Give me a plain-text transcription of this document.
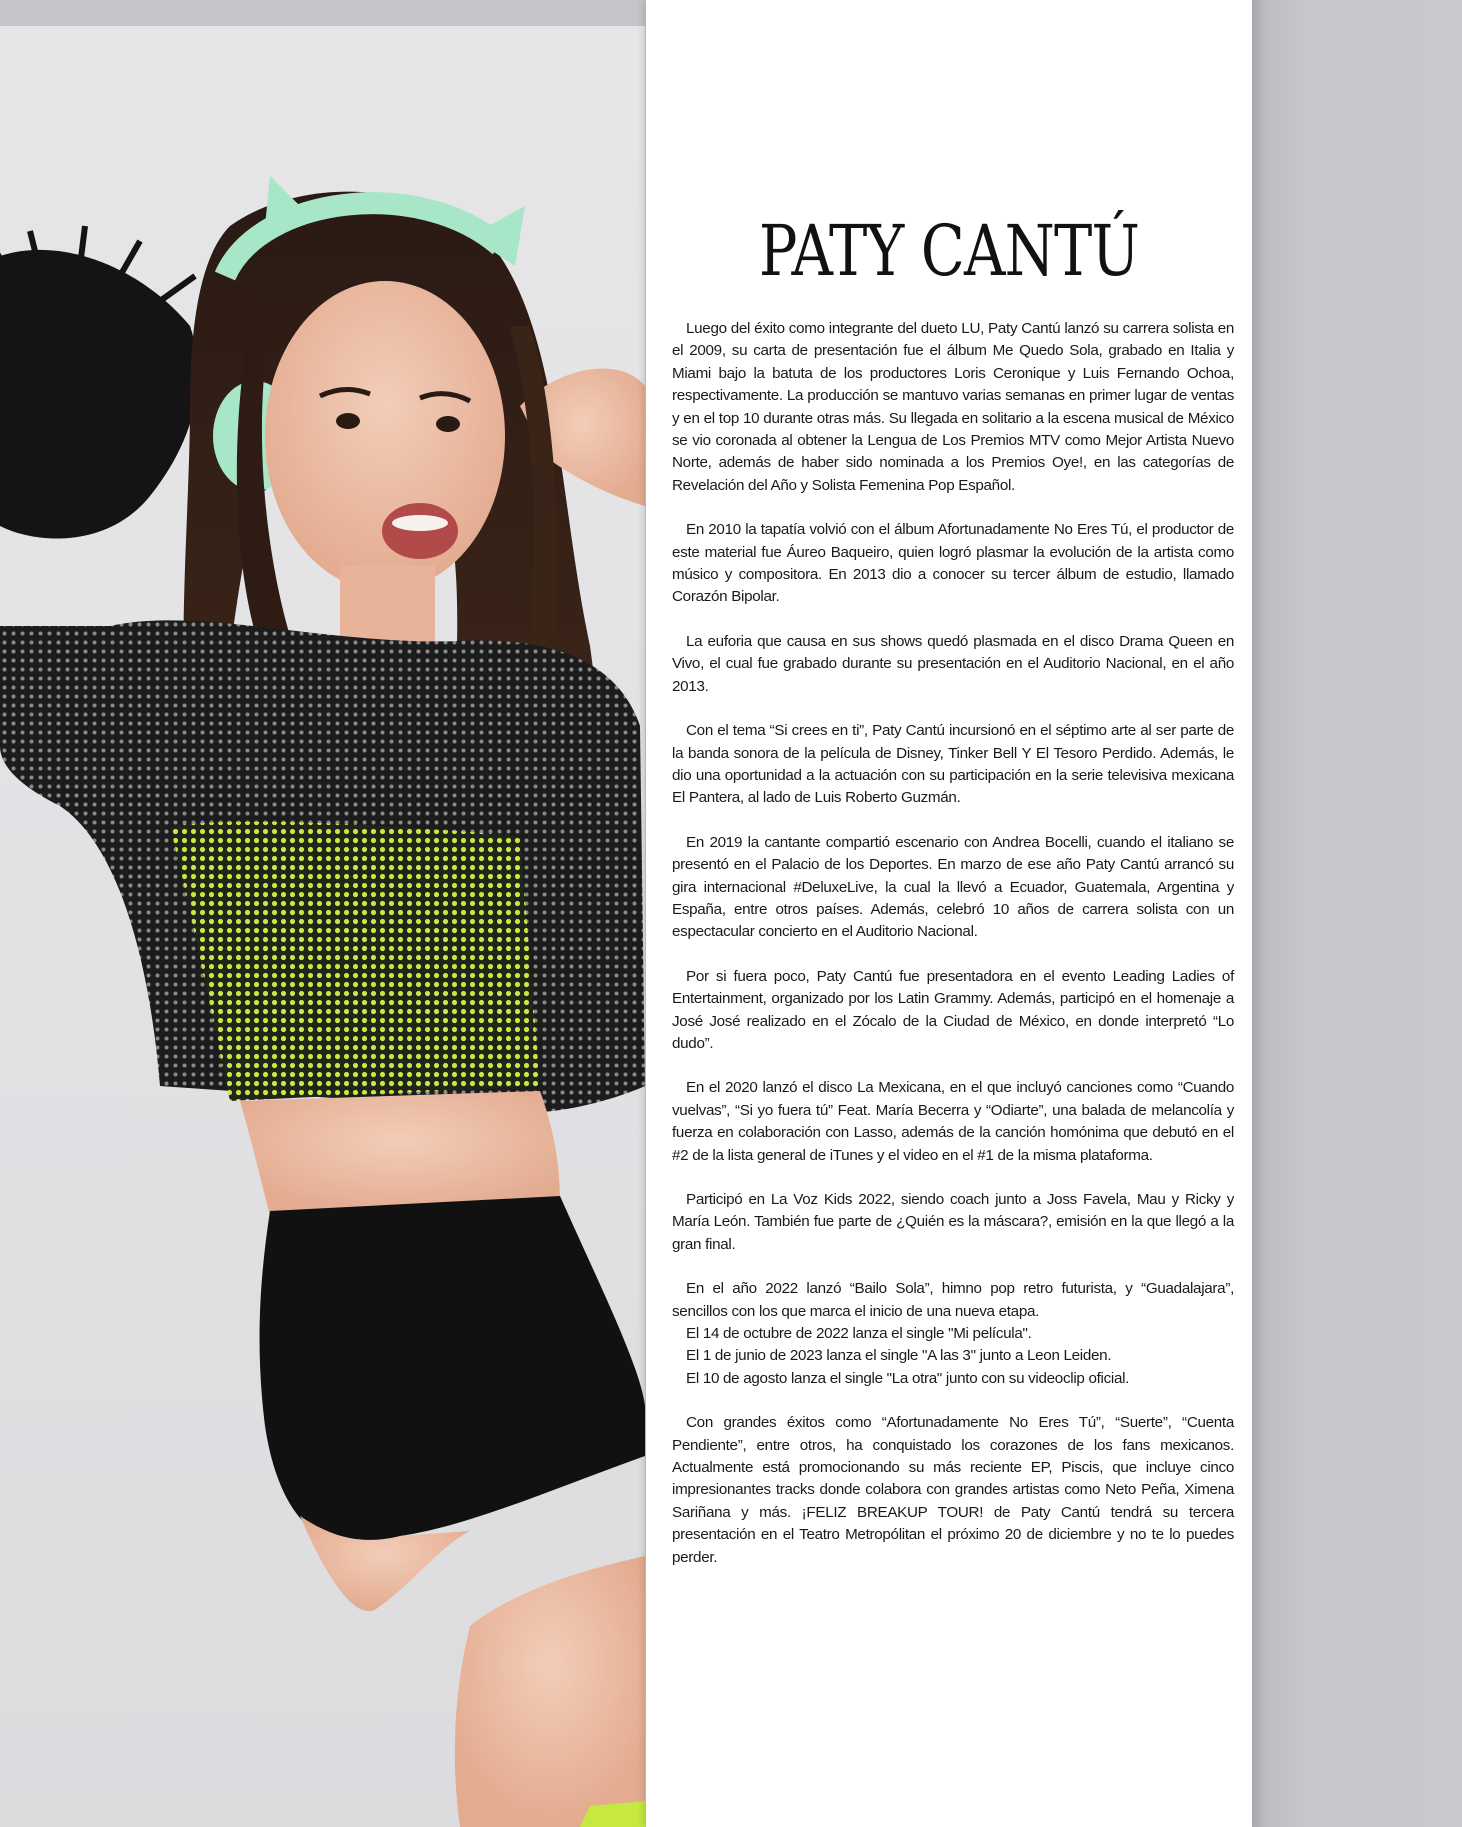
PATY CANTÚ

Luego del éxito como integrante del dueto LU, Paty Cantú lanzó su carrera solista en el 2009, su carta de presentación fue el álbum Me Quedo Sola, grabado en Italia y Miami bajo la batuta de los productores Loris Ceronique y Luis Fernando Ochoa, respectivamente. La producción se mantuvo varias semanas en primer lugar de ventas y en el top 10 durante otras más. Su llegada en solitario a la escena musical de México se vio coronada al obtener la Lengua de Los Premios MTV como Mejor Artista Nuevo Norte, además de haber sido nominada a los Premios Oye!, en las categorías de Revelación del Año y Solista Femenina Pop Español.

En 2010 la tapatía volvió con el álbum Afortunadamente No Eres Tú, el productor de este material fue Áureo Baqueiro, quien logró plasmar la evolución de la artista como músico y compositora. En 2013 dio a conocer su tercer álbum de estudio, llamado Corazón Bipolar.

La euforia que causa en sus shows quedó plasmada en el disco Drama Queen en Vivo, el cual fue grabado durante su presentación en el Auditorio Nacional, en el año 2013.

Con el tema “Si crees en ti”, Paty Cantú incursionó en el séptimo arte al ser parte de la banda sonora de la película de Disney, Tinker Bell Y El Tesoro Perdido. Además, le dio una oportunidad a la actuación con su participación en la serie televisiva mexicana El Pantera, al lado de Luis Roberto Guzmán.

En 2019 la cantante compartió escenario con Andrea Bocelli, cuando el italiano se presentó en el Palacio de los Deportes. En marzo de ese año Paty Cantú arrancó su gira internacional #DeluxeLive, la cual la llevó a Ecuador, Guatemala, Argentina y España, entre otros países. Además, celebró 10 años de carrera solista con un espectacular concierto en el Auditorio Nacional.

Por si fuera poco, Paty Cantú fue presentadora en el evento Leading Ladies of Entertainment, organizado por los Latin Grammy. Además, participó en el homenaje a José José realizado en el Zócalo de la Ciudad de México, en donde interpretó “Lo dudo”.

En el 2020 lanzó el disco La Mexicana, en el que incluyó canciones como “Cuando vuelvas”, “Si yo fuera tú” Feat. María Becerra y “Odiarte”, una balada de melancolía y fuerza en colaboración con Lasso, además de la canción homónima que debutó en el #2 de la lista general de iTunes y el video en el #1 de la misma plataforma.

Participó en La Voz Kids 2022, siendo coach junto a Joss Favela, Mau y Ricky y María León. También fue parte de ¿Quién es la máscara?, emisión en la que llegó a la gran final.

En el año 2022 lanzó “Bailo Sola”, himno pop retro futurista, y “Guadalajara”, sencillos con los que marca el inicio de una nueva etapa.

El 14 de octubre de 2022 lanza el single "Mi película".

El 1 de junio de 2023 lanza el single "A las 3" junto a Leon Leiden.

El 10 de agosto lanza el single "La otra" junto con su videoclip oficial.

Con grandes éxitos como “Afortunadamente No Eres Tú”, “Suerte”, “Cuenta Pendiente”, entre otros, ha conquistado los corazones de los fans mexicanos. Actualmente está promocionando su más reciente EP, Piscis, que incluye cinco impresionantes tracks donde colabora con grandes artistas como Neto Peña, Ximena Sariñana y más. ¡FELIZ BREAKUP TOUR! de Paty Cantú tendrá su tercera presentación en el Teatro Metropólitan el próximo 20 de diciembre y no te lo puedes perder.
